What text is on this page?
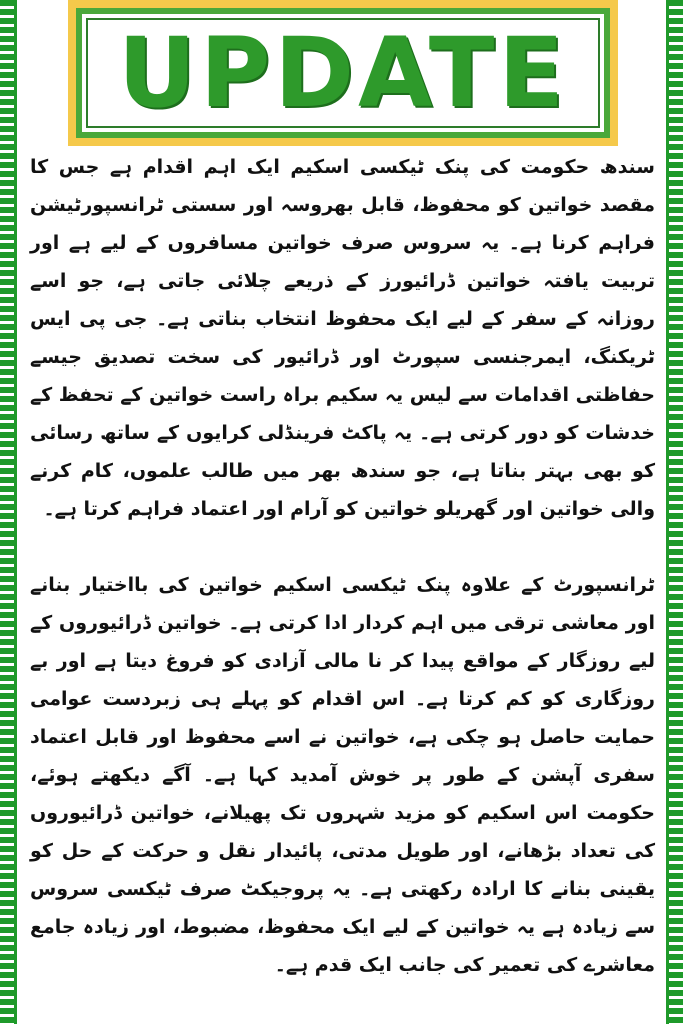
UPDATE

سندھ حکومت کی پنک ٹیکسی اسکیم ایک اہم اقدام ہے جس کا مقصد خواتین کو محفوظ، قابل بھروسہ اور سستی ٹرانسپورٹیشن فراہم کرنا ہے۔ یہ سروس صرف خواتین مسافروں کے لیے ہے اور تربیت یافتہ خواتین ڈرائیورز کے ذریعے چلائی جاتی ہے، جو اسے روزانہ کے سفر کے لیے ایک محفوظ انتخاب بناتی ہے۔ جی پی ایس ٹریکنگ، ایمرجنسی سپورٹ اور ڈرائیور کی سخت تصدیق جیسے حفاظتی اقدامات سے لیس یہ سکیم براہ راست خواتین کے تحفظ کے خدشات کو دور کرتی ہے۔ یہ پاکٹ فرینڈلی کرایوں کے ساتھ رسائی کو بھی بہتر بناتا ہے، جو سندھ بھر میں طالب علموں، کام کرنے والی خواتین اور گھریلو خواتین کو آرام اور اعتماد فراہم کرتا ہے۔

ٹرانسپورٹ کے علاوہ پنک ٹیکسی اسکیم خواتین کی بااختیار بنانے اور معاشی ترقی میں اہم کردار ادا کرتی ہے۔ خواتین ڈرائیوروں کے لیے روزگار کے مواقع پیدا کر نا مالی آزادی کو فروغ دیتا ہے اور بے روزگاری کو کم کرتا ہے۔ اس اقدام کو پہلے ہی زبردست عوامی حمایت حاصل ہو چکی ہے، خواتین نے اسے محفوظ اور قابل اعتماد سفری آپشن کے طور پر خوش آمدید کہا ہے۔ آگے دیکھتے ہوئے، حکومت اس اسکیم کو مزید شہروں تک پھیلانے، خواتین ڈرائیوروں کی تعداد بڑھانے، اور طویل مدتی، پائیدار نقل و حرکت کے حل کو یقینی بنانے کا ارادہ رکھتی ہے۔ یہ پروجیکٹ صرف ٹیکسی سروس سے زیادہ ہے یہ خواتین کے لیے ایک محفوظ، مضبوط، اور زیادہ جامع معاشرے کی تعمیر کی جانب ایک قدم ہے۔
